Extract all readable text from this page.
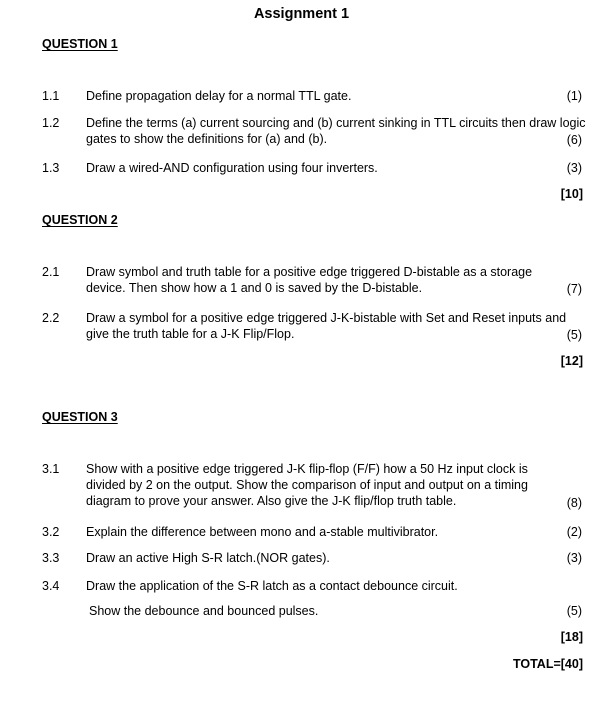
Assignment 1
QUESTION 1
1.1 Define propagation delay for a normal TTL gate.	(1)
1.2 Define the terms (a) current sourcing and (b) current sinking in TTL circuits then draw logic gates to show the definitions for (a) and (b).	(6)
1.3 Draw a wired-AND configuration using four inverters.	(3)
[10]
QUESTION 2
2.1 Draw symbol and truth table for a positive edge triggered D-bistable as a storage device. Then show how a 1 and 0 is saved by the D-bistable.	(7)
2.2 Draw a symbol for a positive edge triggered J-K-bistable with Set and Reset inputs and give the truth table for a J-K Flip/Flop.	(5)
[12]
QUESTION 3
3.1 Show with a positive edge triggered J-K flip-flop (F/F) how a 50 Hz input clock is divided by 2 on the output. Show the comparison of input and output on a timing diagram to prove your answer. Also give the J-K flip/flop truth table.	(8)
3.2 Explain the difference between mono and a-stable multivibrator.	(2)
3.3 Draw an active High S-R latch.(NOR gates).	(3)
3.4 Draw the application of the S-R latch as a contact debounce circuit.
Show the debounce and bounced pulses.	(5)
[18]
TOTAL=[40]
